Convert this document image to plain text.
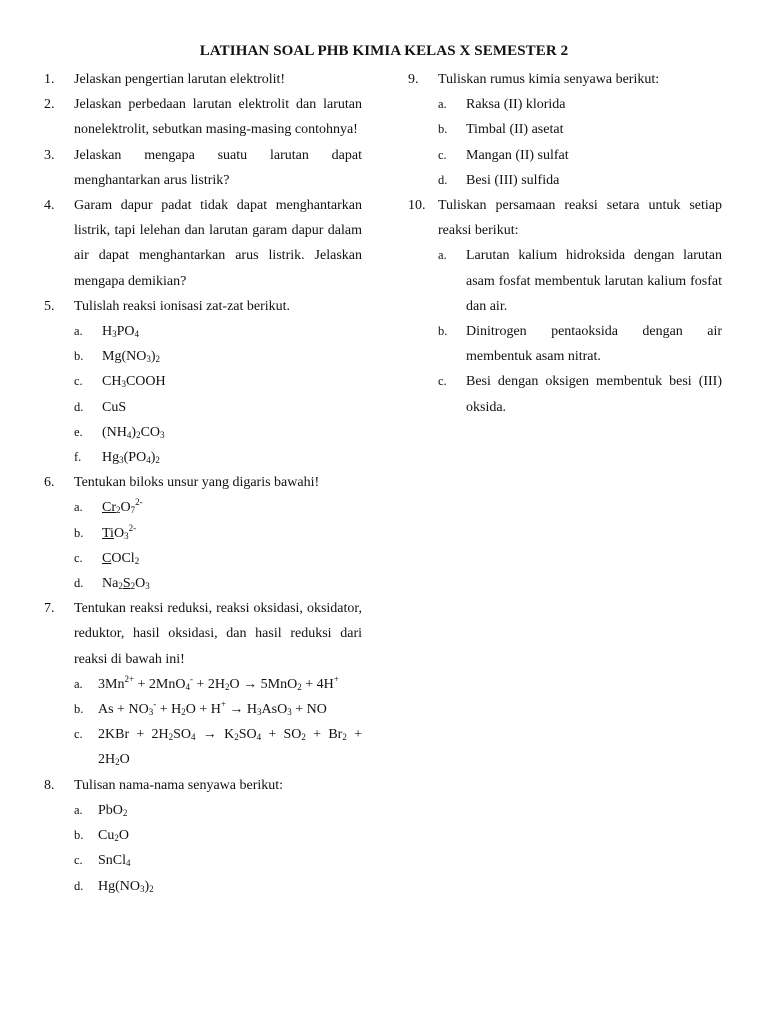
LATIHAN SOAL PHB KIMIA KELAS X SEMESTER 2
1. Jelaskan pengertian larutan elektrolit!
2. Jelaskan perbedaan larutan elektrolit dan larutan nonelektrolit, sebutkan masing-masing contohnya!
3. Jelaskan mengapa suatu larutan dapat menghantarkan arus listrik?
4. Garam dapur padat tidak dapat menghantarkan listrik, tapi lelehan dan larutan garam dapur dalam air dapat menghantarkan arus listrik. Jelaskan mengapa demikian?
5. Tulislah reaksi ionisasi zat-zat berikut.
a. $H_3PO_4$
b. $Mg(NO_3)_2$
c. $CH_3COOH$
d. CuS
e. $(NH_4)_2CO_3$
f. $Hg_3(PO_4)_2$
6. Tentukan biloks unsur yang digaris bawahi!
a. $Cr_2O_7^{2-}$
b. TiO$_3^{2-}$
c. COCl$_2$
d. $Na_2S_2O_3$
7. Tentukan reaksi reduksi, reaksi oksidasi, oksidator, reduktor, hasil oksidasi, dan hasil reduksi dari reaksi di bawah ini!
a. $3Mn^{2+} + 2MnO_4^- + 2H_2O \to 5MnO_2 + 4H^+$
b. $As + NO_3^- + H_2O + H^+ \to H_3AsO_3$ + NO
c. $2KBr + 2H_2SO_4 \to K_2SO_4 + SO_2 + Br_2 + 2H_2O$
8. Tulisan nama-nama senyawa berikut:
a. PbO$_2$
b. $Cu_2O$
c. SnCl$_4$
d. $Hg(NO_3)_2$
9. Tuliskan rumus kimia senyawa berikut:
a. Raksa (II) klorida
b. Timbal (II) asetat
c. Mangan (II) sulfat
d. Besi (III) sulfida
10. Tuliskan persamaan reaksi setara untuk setiap reaksi berikut:
a. Larutan kalium hidroksida dengan larutan asam fosfat membentuk larutan kalium fosfat dan air.
b. Dinitrogen pentaoksida dengan air membentuk asam nitrat.
c. Besi dengan oksigen membentuk besi (III) oksida.
